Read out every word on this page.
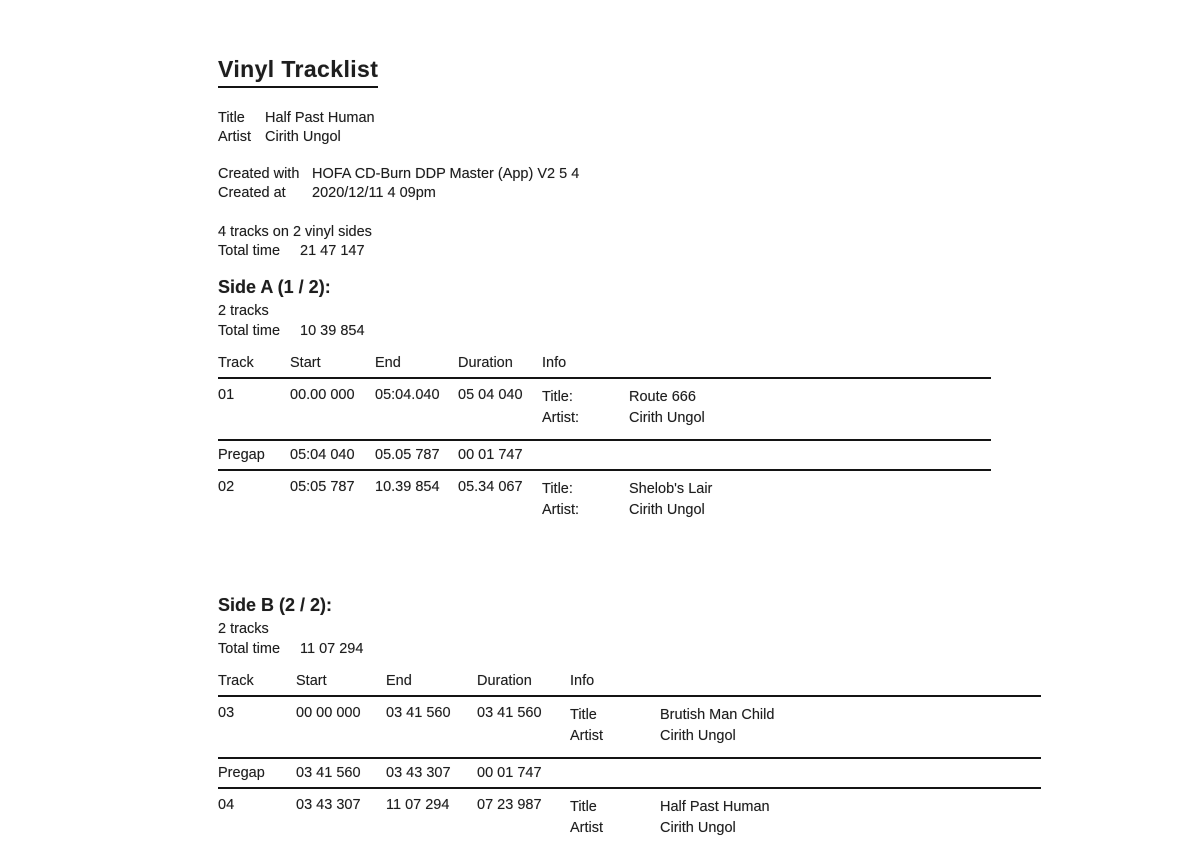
Vinyl Tracklist
Title Half Past Human
Artist Cirith Ungol
Created with HOFA CD-Burn DDP Master (App) V2 5 4
Created at 2020/12/11 4 09pm
4 tracks on 2 vinyl sides
Total time 21 47 147
Side A (1 / 2):
2 tracks
Total time 10 39 854
Track	Start	End	Duration	Info
01	00.00 000	05:04.040	05 04 040	Title:	Route 666
Artist:	Cirith Ungol
Pregap	05:04 040	05.05 787	00 01 747
02	05:05 787	10.39 854	05.34 067	Title:	Shelob's Lair
Artist:	Cirith Ungol
Side B (2 / 2):
2 tracks
Total time 11 07 294
Track	Start	End	Duration	Info
03	00 00 000	03 41 560	03 41 560	Title	Brutish Man Child
Artist	Cirith Ungol
Pregap	03 41 560	03 43 307	00 01 747
04	03 43 307	11 07 294	07 23 987	Title	Half Past Human
Artist	Cirith Ungol
